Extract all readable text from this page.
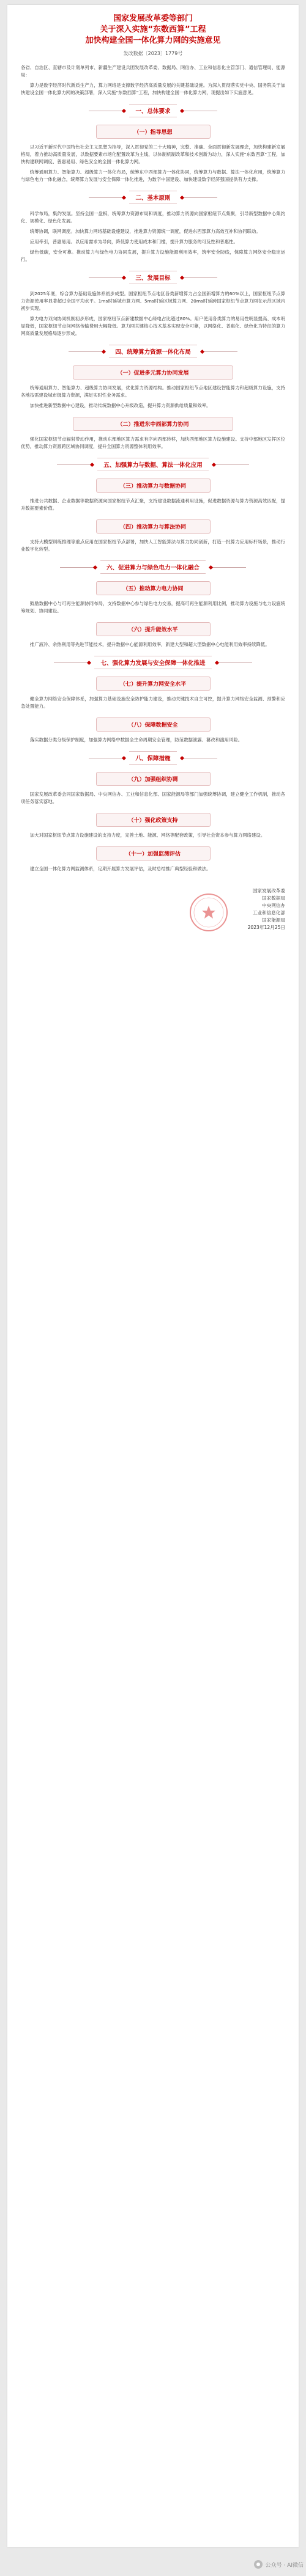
国家发展改革委等部门

关于深入实施“东数西算”工程

加快构建全国一体化算力网的实施意见

发改数据〔2023〕1779号

各省、自治区、直辖市及计划单列市、新疆生产建设兵团发展改革委、数据局、网信办、工业和信息化主管部门、通信管理局、能源局：

算力是数字经济时代新质生产力，算力网络是支撑数字经济高质量发展的关键基础设施。为深入贯彻落实党中央、国务院关于加快建设全国一体化算力网的决策部署，深入实施“东数西算”工程，加快构建全国一体化算力网，现提出如下实施意见。

一、总体要求
（一）指导思想

以习近平新时代中国特色社会主义思想为指导，深入贯彻党的二十大精神，完整、准确、全面贯彻新发展理念，加快构建新发展格局，着力推动高质量发展，以数据要素市场化配置改革为主线，以体制机制改革和技术创新为动力，深入实施“东数西算”工程，加快构建联网调度、普惠易用、绿色安全的全国一体化算力网。

统筹通用算力、智能算力、超级算力一体化布局，统筹东中西部算力一体化协同，统筹算力与数据、算法一体化应用，统筹算力与绿色电力一体化融合，统筹算力发展与安全保障一体化推进，为数字中国建设、加快建设数字经济强国提供有力支撑。

二、基本原则

科学布局，集约发展。坚持全国一盘棋，统筹算力资源布局和调度，推动算力资源向国家枢纽节点集聚，引导新型数据中心集约化、规模化、绿色化发展。

统筹协调，联网调度。加快算力网络基础设施建设，推进算力资源统一调度，促进东西部算力高效互补和协同联动。

应用牵引，普惠易用。以应用需求为导向，降低算力使用成本和门槛，提升算力服务的可及性和普惠性。

绿色低碳，安全可靠。推动算力与绿色电力协同发展，提升算力设施能源利用效率，筑牢安全防线，保障算力网络安全稳定运行。

三、发展目标

到2025年底，综合算力基础设施体系初步成型。国家枢纽节点地区各类新增算力占全国新增算力的60%以上，国家枢纽节点算力资源使用率显著超过全国平均水平。1ms时延城市算力网、5ms时延区域算力网、20ms时延跨国家枢纽节点算力网在示范区域内初步实现。

算力电力双向协同机制初步形成，国家枢纽节点新建数据中心绿电占比超过80%。用户使用各类算力的易用性明显提高、成本明显降低，国家枢纽节点间网络传输费用大幅降低。算力网关键核心技术基本实现安全可靠，以网络化、普惠化、绿色化为特征的算力网高质量发展格局逐步形成。

四、统筹算力资源一体化布局
（一）促进多元算力协同发展

统筹通用算力、智能算力、超级算力协同发展，优化算力资源结构。推动国家枢纽节点地区建设智能算力和超级算力设施，支持各地按需建设城市级算力资源，满足实时性业务需求。

加快推进新型数据中心建设，推动传统数据中心升级改造，提升算力资源供给质量和效率。

（二）推进东中西部算力协同

强化国家枢纽节点辐射带动作用，推动东部地区算力需求有序向西部转移，加快西部地区算力设施建设。支持中部地区发挥区位优势，推动算力资源跨区域协同调度，提升全国算力资源整体利用效率。

五、加强算力与数据、算法一体化应用
（三）推动算力与数据协同

推进公共数据、企业数据等数据资源向国家枢纽节点汇聚，支持建设数据流通利用设施，促进数据资源与算力资源高效匹配，提升数据要素价值。

（四）推动算力与算法协同

支持大模型训练推理等重点应用在国家枢纽节点部署，加快人工智能算法与算力协同创新，打造一批算力应用标杆场景，推动行业数字化转型。

六、促进算力与绿色电力一体化融合
（五）推动算力电力协同

鼓励数据中心与可再生能源协同布局，支持数据中心参与绿色电力交易，提高可再生能源利用比例，推动算力设施与电力设施统筹规划、协同建设。

（六）提升能效水平

推广液冷、余热利用等先进节能技术，提升数据中心能源利用效率，新建大型和超大型数据中心电能利用效率持续降低。

七、强化算力发展与安全保障一体化推进
（七）提升算力网安全水平

健全算力网络安全保障体系，加强算力基础设施安全防护能力建设，推动关键技术自主可控，提升算力网络安全监测、预警和应急处置能力。

（八）保障数据安全

落实数据分类分级保护制度，加强算力网络中数据全生命周期安全管理，防范数据泄露、篡改和滥用风险。

八、保障措施
（九）加强组织协调

国家发展改革委会同国家数据局、中央网信办、工业和信息化部、国家能源局等部门加强统筹协调，建立健全工作机制，推动各项任务落实落地。

（十）强化政策支持

加大对国家枢纽节点算力设施建设的支持力度，完善土地、能源、网络等配套政策，引导社会资本参与算力网络建设。

（十一）加强监测评估

建立全国一体化算力网监测体系，定期开展算力发展评估，及时总结推广典型经验和做法。

国家发展改革委
国家数据局
中央网信办
工业和信息化部
国家能源局
2023年12月25日
公众号 · AI微信
